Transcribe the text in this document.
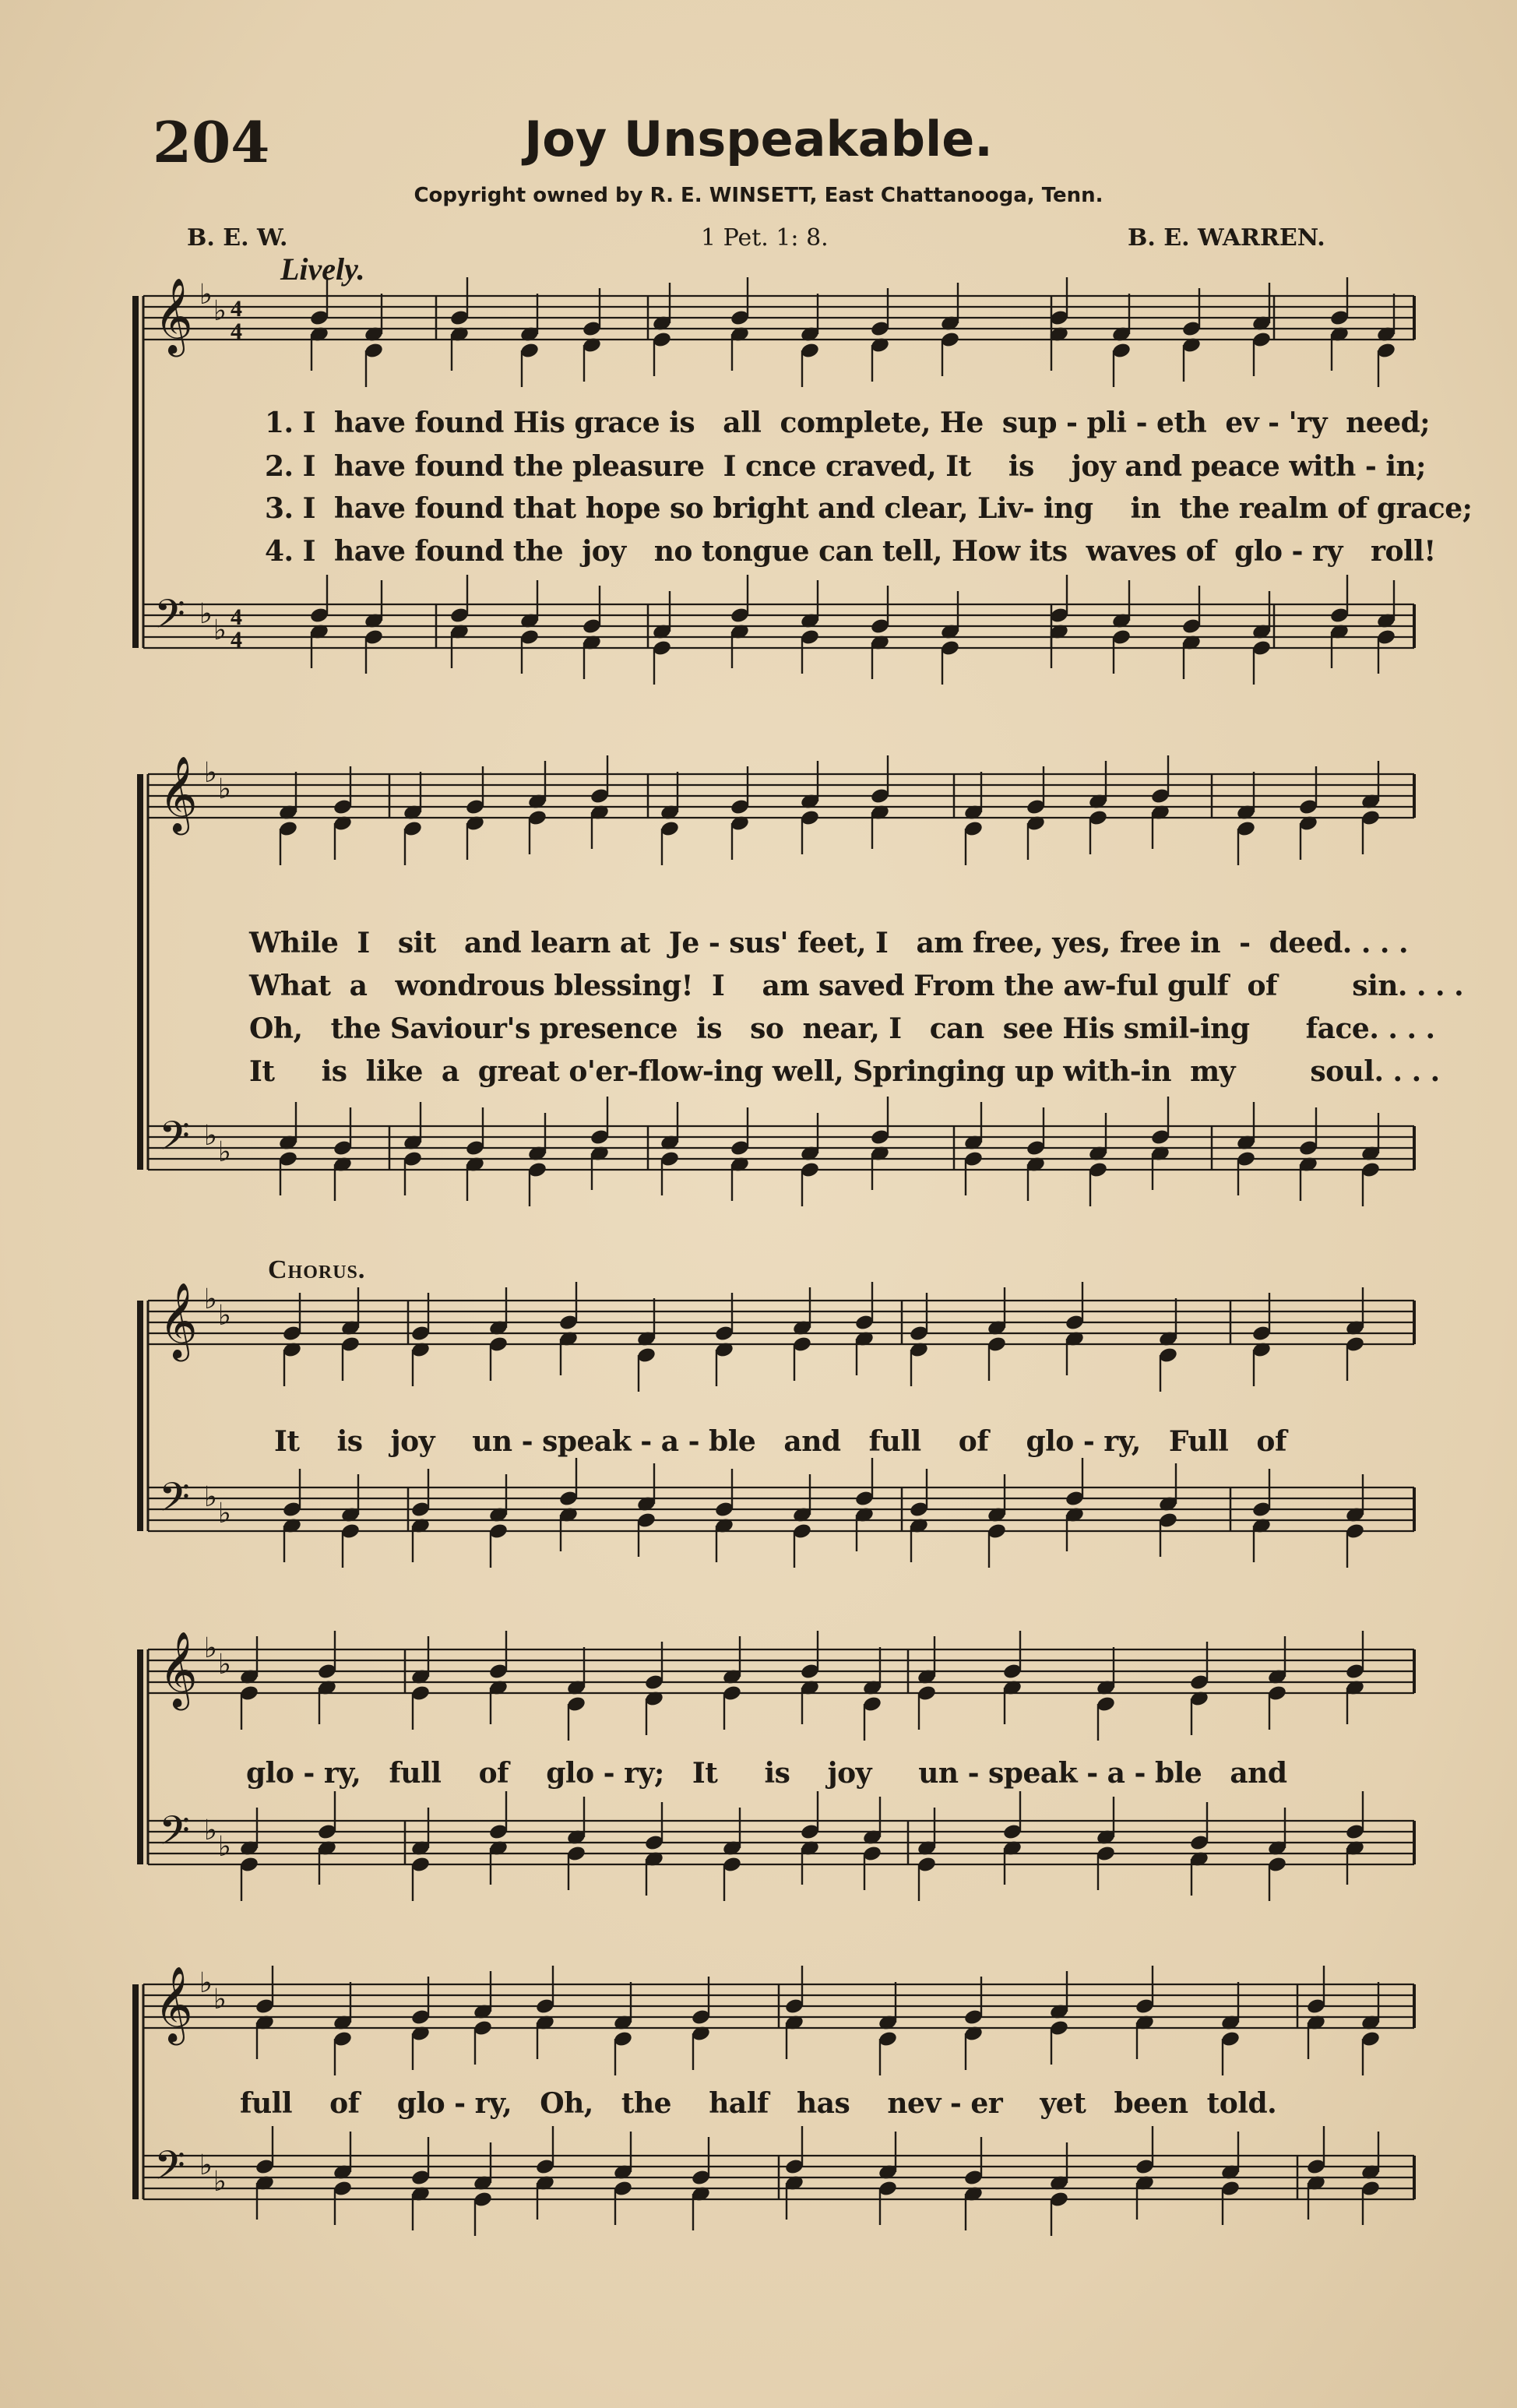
204	Joy Unspeakable.
Copyright owned by R. E. WINSETT, East Chattanooga, Tenn.
B. E. W.	1 Pet. 1: 8.	B. E. WARREN.
Lively.
𝄞 ♭
♭ 4
4
𝄢 ♭
♭ 4
4
𝄞 ♭
♭
𝄢 ♭
♭
𝄞 ♭
♭
𝄢 ♭
♭
𝄞 ♭
♭
𝄢 ♭
♭
𝄞 ♭
♭
𝄢 ♭
♭
1. I  have found His grace is   all  complete, He  sup - pli - eth  ev - 'ry  need;
2. I  have found the pleasure  I cnce craved, It    is    joy and peace with - in;
3. I  have found that hope so bright and clear, Liv- ing    in  the realm of grace;
4. I  have found the  joy   no tongue can tell, How its  waves of  glo - ry   roll!
While  I   sit   and learn at  Je - sus' feet, I   am free, yes, free in  -  deed. . . .
What  a   wondrous blessing!  I    am saved From the aw-ful gulf  of        sin. . . .
Oh,   the Saviour's presence  is   so  near, I   can  see His smil-ing      face. . . .
It     is  like  a  great o'er-flow-ing well, Springing up with-in  my        soul. . . .
Chorus.
It    is   joy    un - speak - a - ble   and   full    of    glo - ry,   Full   of
glo - ry,   full    of    glo - ry;   It     is    joy     un - speak - a - ble   and
full    of    glo - ry,   Oh,   the    half   has    nev - er    yet   been  told.
